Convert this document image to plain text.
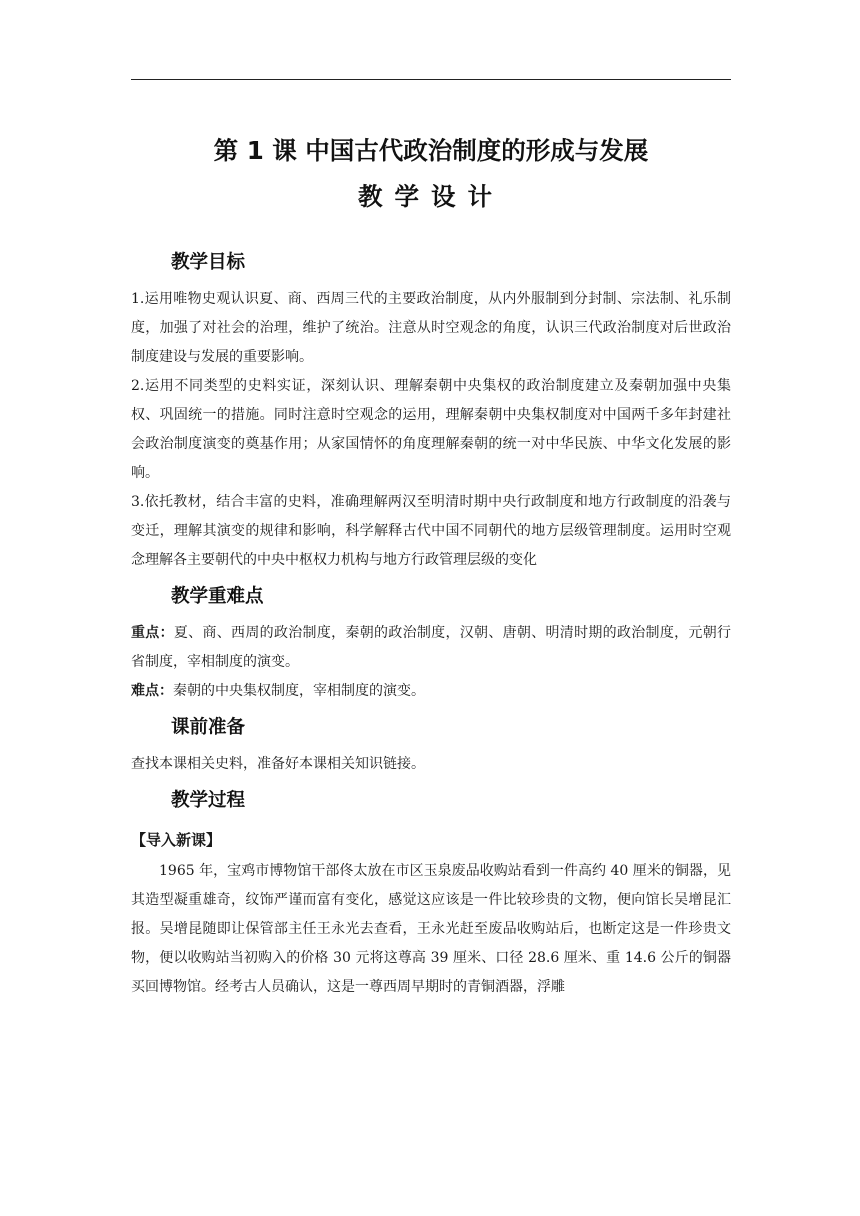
第 1 课 中国古代政治制度的形成与发展
教学设计
教学目标

1.运用唯物史观认识夏、商、西周三代的主要政治制度，从内外服制到分封制、宗法制、礼乐制度，加强了对社会的治理，维护了统治。注意从时空观念的角度，认识三代政治制度对后世政治制度建设与发展的重要影响。

2.运用不同类型的史料实证，深刻认识、理解秦朝中央集权的政治制度建立及秦朝加强中央集权、巩固统一的措施。同时注意时空观念的运用，理解秦朝中央集权制度对中国两千多年封建社会政治制度演变的奠基作用；从家国情怀的角度理解秦朝的统一对中华民族、中华文化发展的影响。

3.依托教材，结合丰富的史料，准确理解两汉至明清时期中央行政制度和地方行政制度的沿袭与变迁，理解其演变的规律和影响，科学解释古代中国不同朝代的地方层级管理制度。运用时空观念理解各主要朝代的中央中枢权力机构与地方行政管理层级的变化

教学重难点

重点：夏、商、西周的政治制度，秦朝的政治制度，汉朝、唐朝、明清时期的政治制度，元朝行省制度，宰相制度的演变。

难点：秦朝的中央集权制度，宰相制度的演变。

课前准备

查找本课相关史料，准备好本课相关知识链接。

教学过程

【导入新课】

1965 年，宝鸡市博物馆干部佟太放在市区玉泉废品收购站看到一件高约 40 厘米的铜器，见其造型凝重雄奇，纹饰严谨而富有变化，感觉这应该是一件比较珍贵的文物，便向馆长吴增昆汇报。吴增昆随即让保管部主任王永光去查看，王永光赶至废品收购站后，也断定这是一件珍贵文物，便以收购站当初购入的价格 30 元将这尊高 39 厘米、口径 28.6 厘米、重 14.6 公斤的铜器买回博物馆。经考古人员确认，这是一尊西周早期时的青铜酒器，浮雕
